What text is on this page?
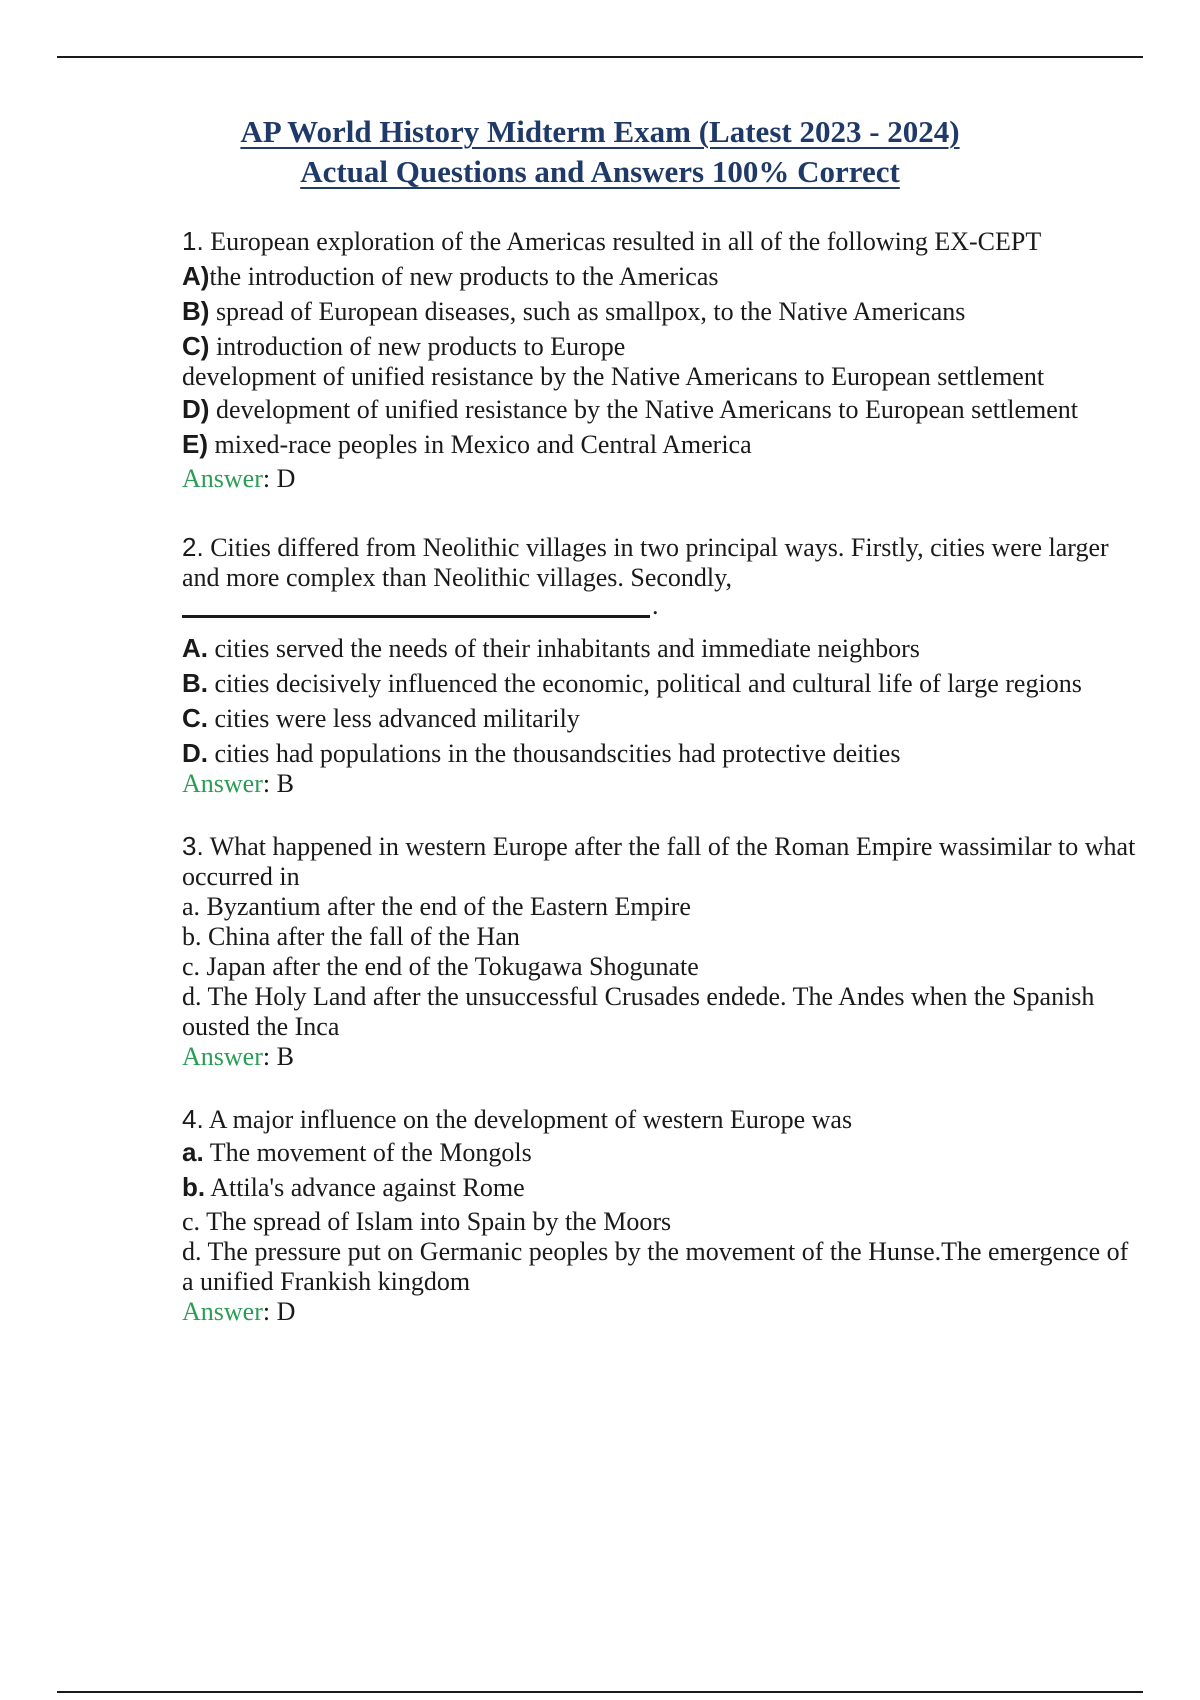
AP World History Midterm Exam (Latest 2023 - 2024)
Actual Questions and Answers 100% Correct
1. European exploration of the Americas resulted in all of the following EX-CEPT
A)the introduction of new products to the Americas
B) spread of European diseases, such as smallpox, to the Native Americans
C) introduction of new products to Europe
development of unified resistance by the Native Americans to European settlement
D) development of unified resistance by the Native Americans to European settlement
E) mixed-race peoples in Mexico and Central America
Answer: D
2. Cities differed from Neolithic villages in two principal ways. Firstly, cities were larger and more complex than Neolithic villages. Secondly,
.
A. cities served the needs of their inhabitants and immediate neighbors
B. cities decisively influenced the economic, political and cultural life of large regions
C. cities were less advanced militarily
D. cities had populations in the thousandscities had protective deities
Answer: B
3. What happened in western Europe after the fall of the Roman Empire wassimilar to what occurred in
a. Byzantium after the end of the Eastern Empire
b. China after the fall of the Han
c. Japan after the end of the Tokugawa Shogunate
d. The Holy Land after the unsuccessful Crusades endede. The Andes when the Spanish ousted the Inca
Answer: B
4. A major influence on the development of western Europe was
a. The movement of the Mongols
b. Attila's advance against Rome
c. The spread of Islam into Spain by the Moors
d. The pressure put on Germanic peoples by the movement of the Hunse.The emergence of a unified Frankish kingdom
Answer: D
